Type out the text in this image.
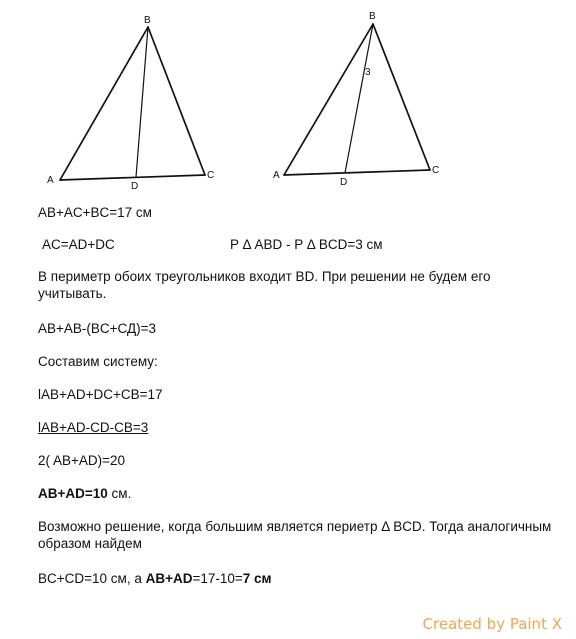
A
B
C
D
A
B
C
D
3
AB+AC+BC=17 см
AC=AD+DC	P Δ ABD - P Δ BCD=3 см
В периметр обоих треугольников входит BD. При решении не будем его учитывать.
AB+AB-(BC+СД)=3
Составим систему:
lAB+AD+DC+CB=17
lAB+AD-CD-CB=3
2( AB+AD)=20
AB+AD=10 см.
Возможно решение, когда большим является периетр Δ BCD. Тогда аналогичным образом найдем
BC+CD=10 см, а AB+AD=17-10=7 см
Created by Paint X
